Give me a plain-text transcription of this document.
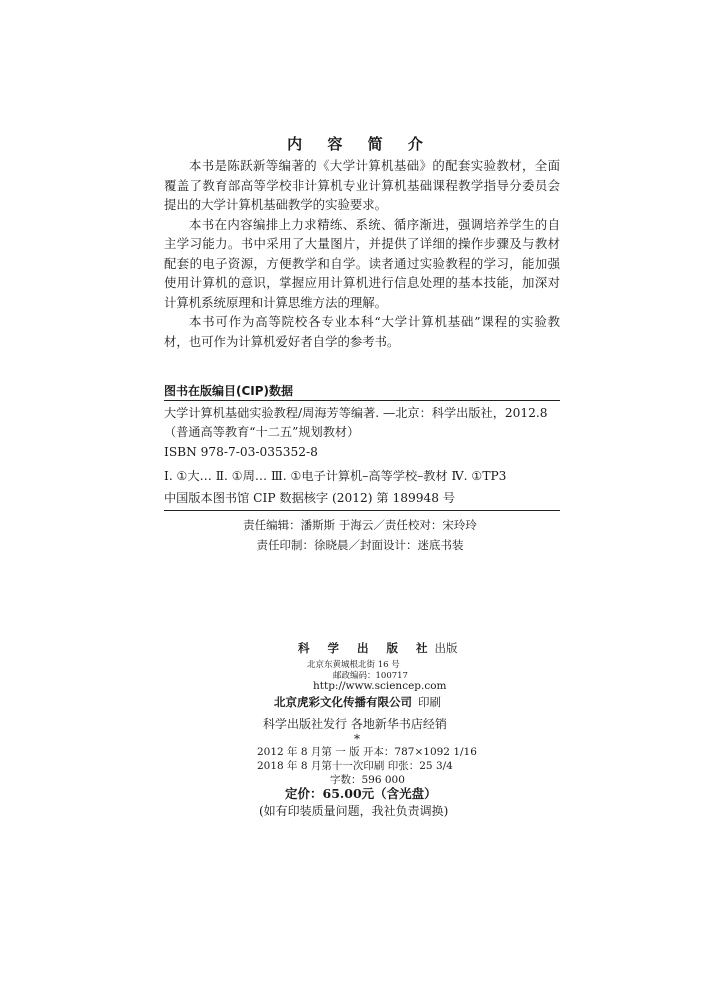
内 容 简 介

本书是陈跃新等编著的《大学计算机基础》的配套实验教材，全面覆盖了教育部高等学校非计算机专业计算机基础课程教学指导分委员会提出的大学计算机基础教学的实验要求。

本书在内容编排上力求精练、系统、循序渐进，强调培养学生的自主学习能力。书中采用了大量图片，并提供了详细的操作步骤及与教材配套的电子资源，方便教学和自学。读者通过实验教程的学习，能加强使用计算机的意识，掌握应用计算机进行信息处理的基本技能，加深对计算机系统原理和计算思维方法的理解。

本书可作为高等院校各专业本科“大学计算机基础”课程的实验教材，也可作为计算机爱好者自学的参考书。

图书在版编目(CIP)数据
大学计算机基础实验教程/周海芳等编著. —北京：科学出版社，2012.8
（普通高等教育“十二五”规划教材）
ISBN 978-7-03-035352-8
Ⅰ. ①大… Ⅱ. ①周… Ⅲ. ①电子计算机–高等学校–教材 Ⅳ. ①TP3
中国版本图书馆 CIP 数据核字 (2012) 第 189948 号
责任编辑：潘斯斯 于海云／责任校对：宋玲玲
责任印制：徐晓晨／封面设计：迷底书装
科 学 出 版 社出版
北京东黄城根北街 16 号
邮政编码：100717
http://www.sciencep.com
北京虎彩文化传播有限公司 印刷
科学出版社发行 各地新华书店经销
*
2012 年 8 月第 一 版 开本：787×1092 1/16
2018 年 8 月第十一次印刷 印张：25 3/4
字数：596 000
定价：65.00元（含光盘）
(如有印装质量问题，我社负责调换)
